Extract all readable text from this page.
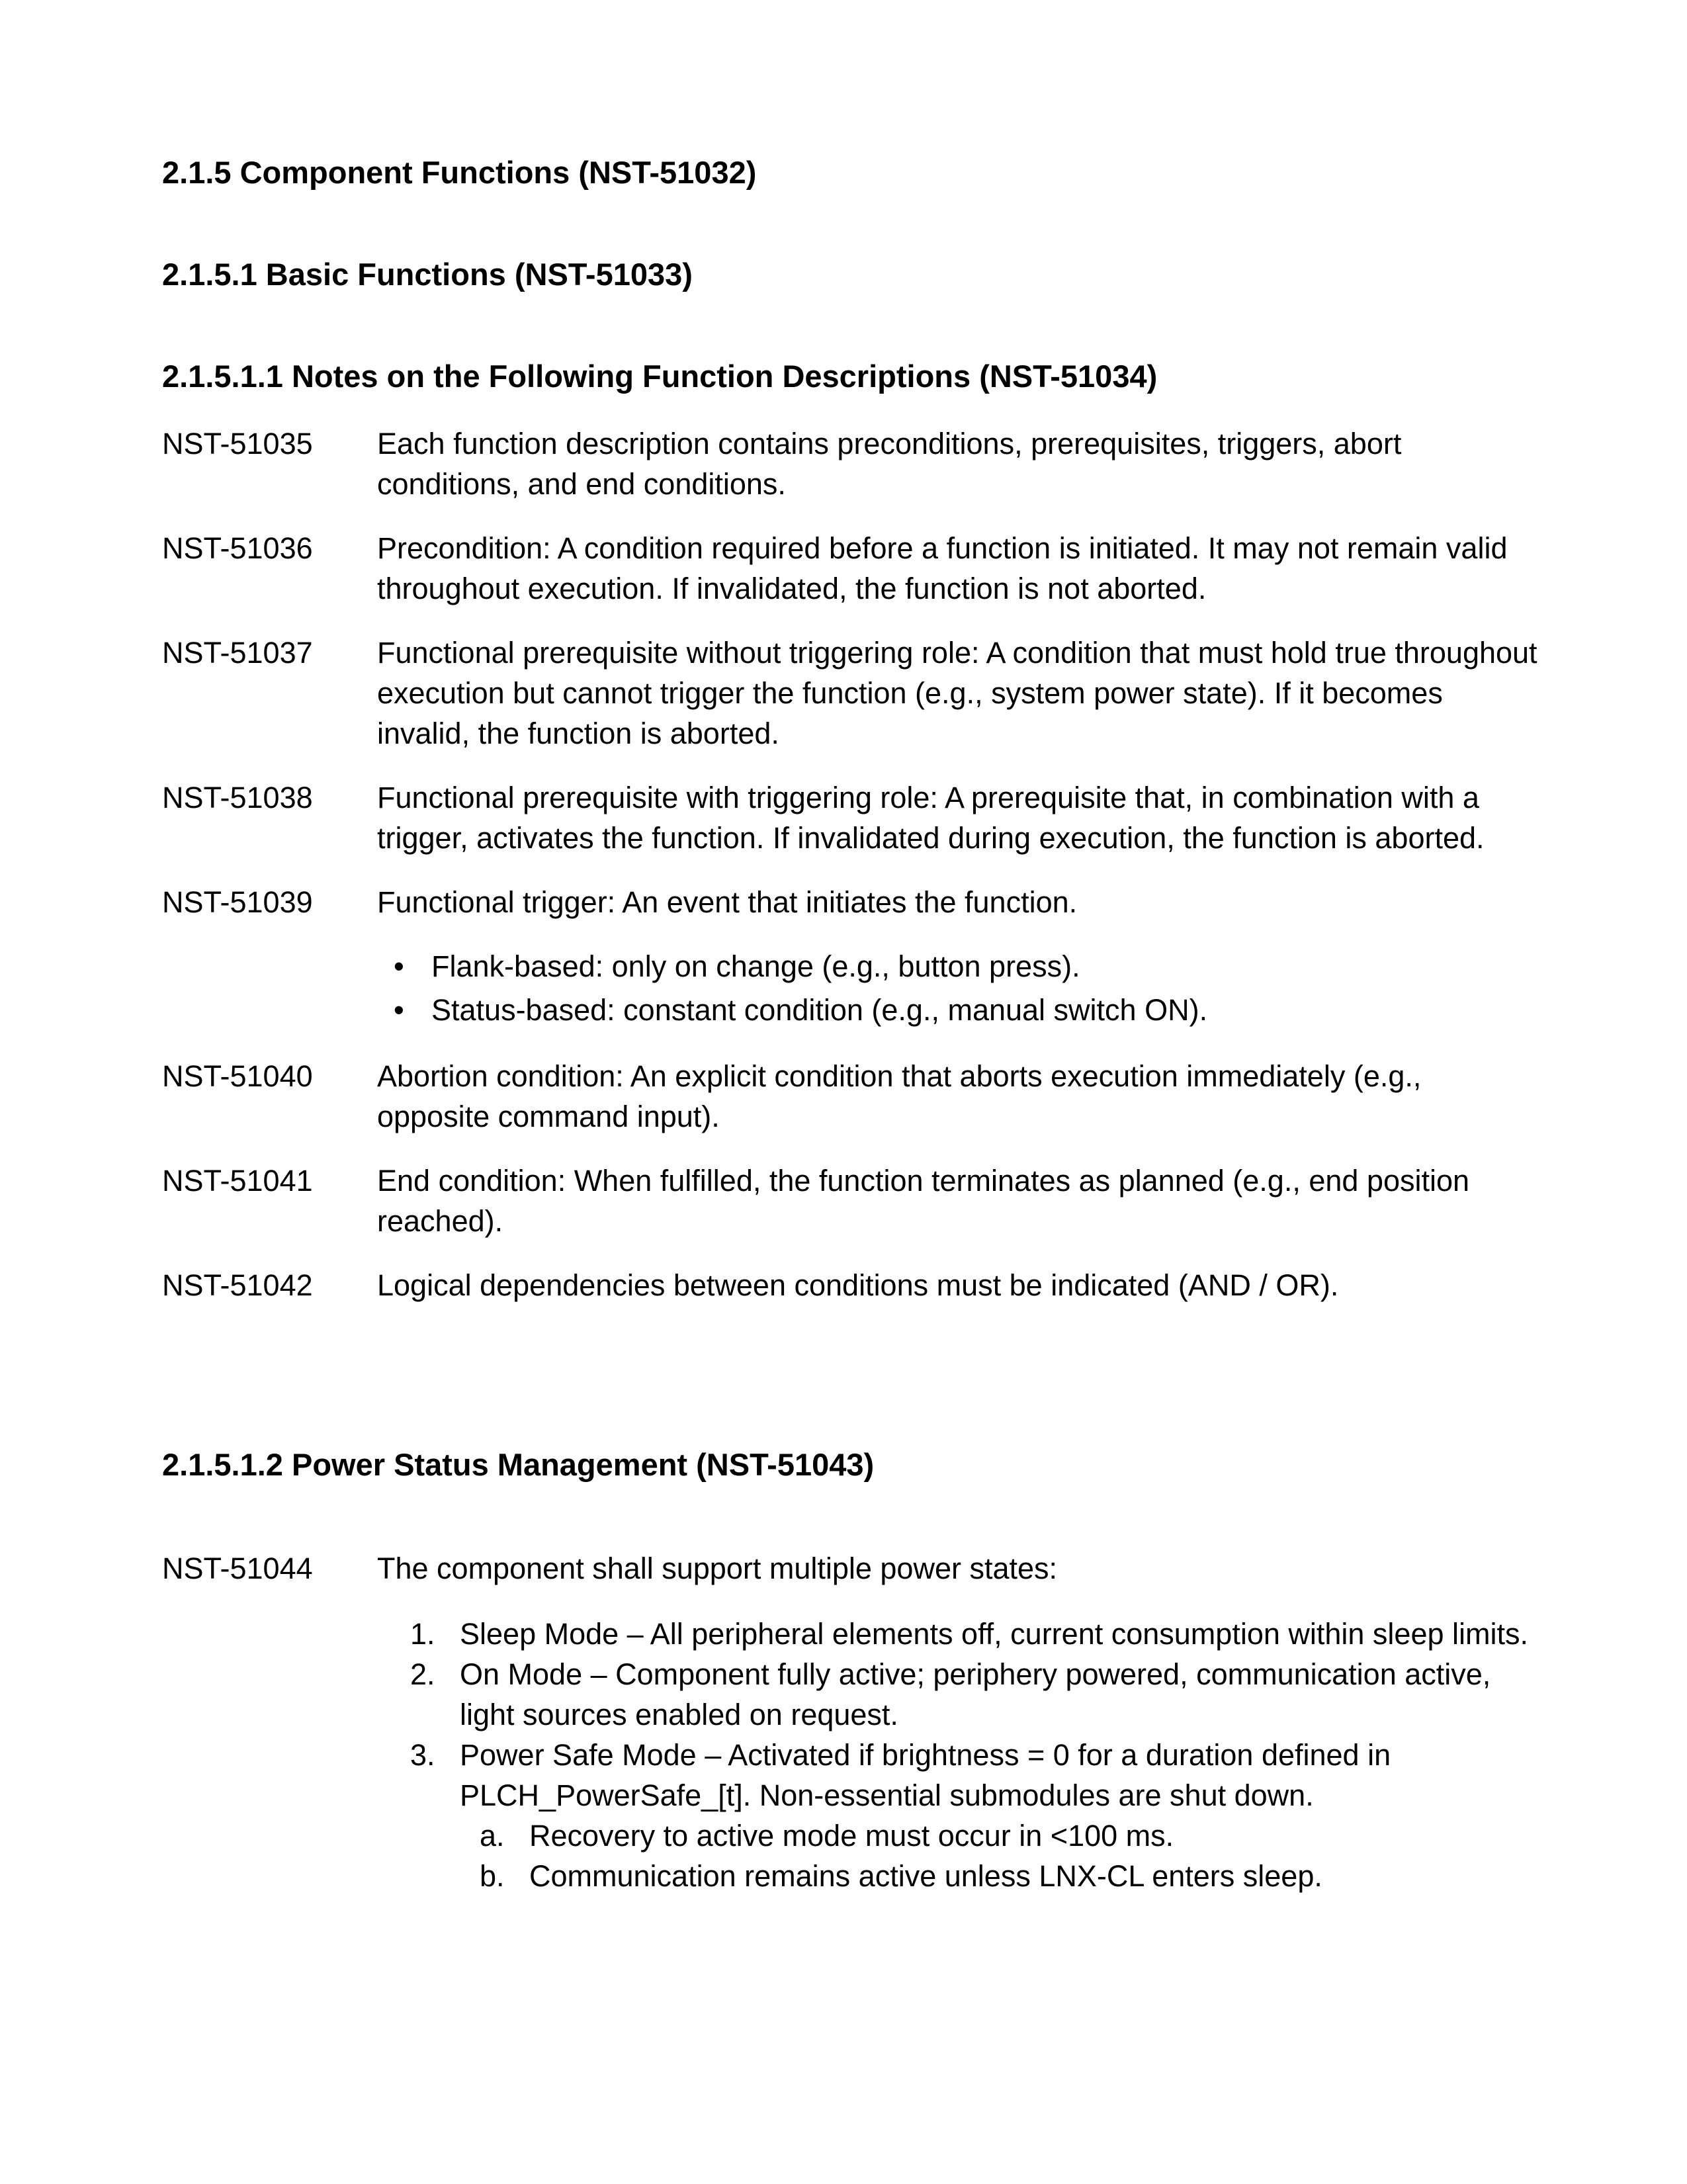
2.1.5 Component Functions (NST-51032)
2.1.5.1 Basic Functions (NST-51033)
2.1.5.1.1 Notes on the Following Function Descriptions (NST-51034)
NST-51035	Each function description contains preconditions, prerequisites, triggers, abort conditions, and end conditions.
NST-51036	Precondition: A condition required before a function is initiated. It may not remain valid throughout execution. If invalidated, the function is not aborted.
NST-51037	Functional prerequisite without triggering role: A condition that must hold true throughout execution but cannot trigger the function (e.g., system power state). If it becomes invalid, the function is aborted.
NST-51038	Functional prerequisite with triggering role: A prerequisite that, in combination with a trigger, activates the function. If invalidated during execution, the function is aborted.
NST-51039	Functional trigger: An event that initiates the function.
• Flank-based: only on change (e.g., button press).
• Status-based: constant condition (e.g., manual switch ON).
NST-51040	Abortion condition: An explicit condition that aborts execution immediately (e.g., opposite command input).
NST-51041	End condition: When fulfilled, the function terminates as planned (e.g., end position reached).
NST-51042	Logical dependencies between conditions must be indicated (AND / OR).
2.1.5.1.2 Power Status Management (NST-51043)
NST-51044	The component shall support multiple power states:
1. Sleep Mode – All peripheral elements off, current consumption within sleep limits.
2. On Mode – Component fully active; periphery powered, communication active, light sources enabled on request.
3. Power Safe Mode – Activated if brightness = 0 for a duration defined in PLCH_PowerSafe_[t]. Non-essential submodules are shut down.
a. Recovery to active mode must occur in <100 ms.
b. Communication remains active unless LNX-CL enters sleep.
